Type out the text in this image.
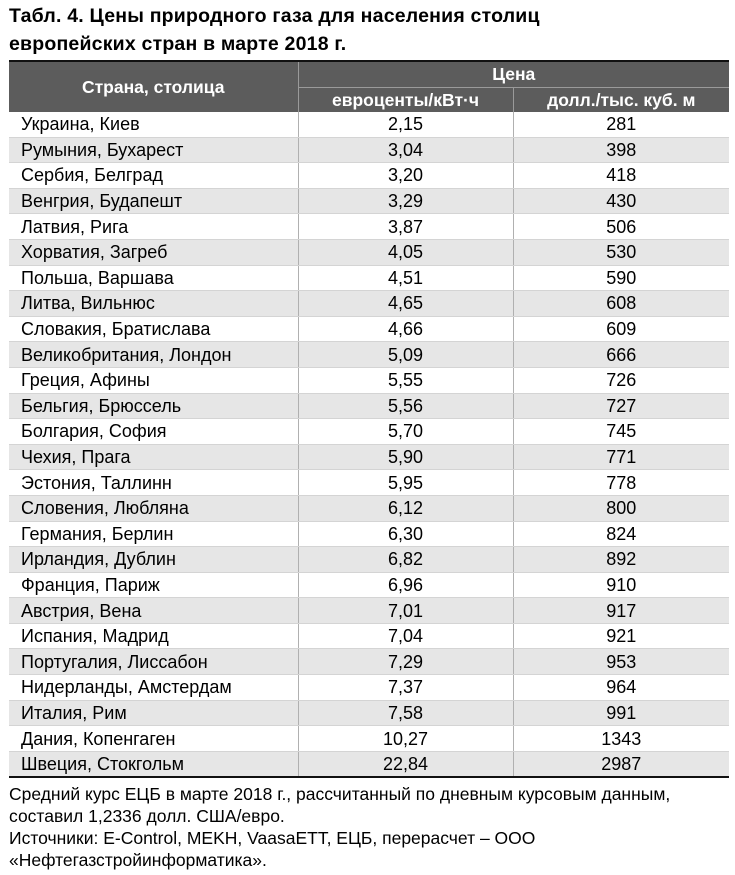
Табл. 4. Цены природного газа для населения столиц
европейских стран в марте 2018 г.
Страна, столица	Цена	
	евроценты/кВт·ч	долл./тыс. куб. м
Украина, Киев	2,15	281
Румыния, Бухарест	3,04	398
Сербия, Белград	3,20	418
Венгрия, Будапешт	3,29	430
Латвия, Рига	3,87	506
Хорватия, Загреб	4,05	530
Польша, Варшава	4,51	590
Литва, Вильнюс	4,65	608
Словакия, Братислава	4,66	609
Великобритания, Лондон	5,09	666
Греция, Афины	5,55	726
Бельгия, Брюссель	5,56	727
Болгария, София	5,70	745
Чехия, Прага	5,90	771
Эстония, Таллинн	5,95	778
Словения, Любляна	6,12	800
Германия, Берлин	6,30	824
Ирландия, Дублин	6,82	892
Франция, Париж	6,96	910
Австрия, Вена	7,01	917
Испания, Мадрид	7,04	921
Португалия, Лиссабон	7,29	953
Нидерланды, Амстердам	7,37	964
Италия, Рим	7,58	991
Дания, Копенгаген	10,27	1343
Швеция, Стокгольм	22,84	2987

Средний курс ЕЦБ в марте 2018 г., рассчитанный по дневным курсовым данным, составил 1,2336 долл. США/евро.

Источники: E-Control, MEKH, VaasaETT, ЕЦБ, перерасчет – ООО «Нефтегазстройинформатика».
